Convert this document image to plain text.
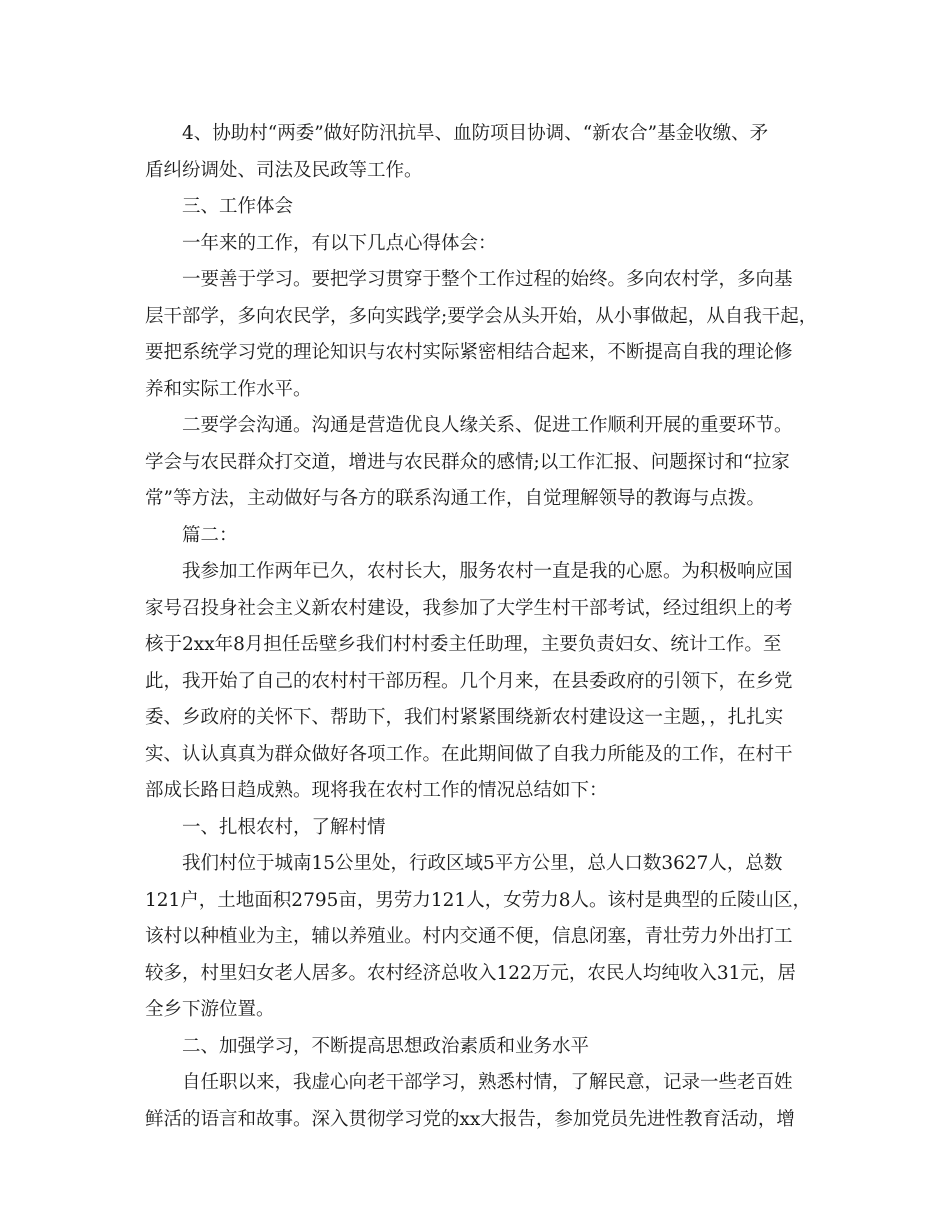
4、协助村“两委”做好防汛抗旱、血防项目协调、“新农合”基金收缴、矛
盾纠纷调处、司法及民政等工作。

三、工作体会

一年来的工作，有以下几点心得体会：

一要善于学习。要把学习贯穿于整个工作过程的始终。多向农村学，多向基
层干部学，多向农民学，多向实践学;要学会从头开始，从小事做起，从自我干起，
要把系统学习党的理论知识与农村实际紧密相结合起来，不断提高自我的理论修
养和实际工作水平。

二要学会沟通。沟通是营造优良人缘关系、促进工作顺利开展的重要环节。
学会与农民群众打交道，增进与农民群众的感情;以工作汇报、问题探讨和“拉家
常”等方法，主动做好与各方的联系沟通工作，自觉理解领导的教诲与点拨。

篇二：

我参加工作两年已久，农村长大，服务农村一直是我的心愿。为积极响应国
家号召投身社会主义新农村建设，我参加了大学生村干部考试，经过组织上的考
核于2xx年8月担任岳壁乡我们村村委主任助理，主要负责妇女、统计工作。至
此，我开始了自己的农村村干部历程。几个月来，在县委政府的引领下，在乡党
委、乡政府的关怀下、帮助下，我们村紧紧围绕新农村建设这一主题，，扎扎实
实、认认真真为群众做好各项工作。在此期间做了自我力所能及的工作，在村干
部成长路日趋成熟。现将我在农村工作的情况总结如下：

一、扎根农村，了解村情

我们村位于城南15公里处，行政区域5平方公里，总人口数3627人，总数
121户，土地面积2795亩，男劳力121人，女劳力8人。该村是典型的丘陵山区，
该村以种植业为主，辅以养殖业。村内交通不便，信息闭塞，青壮劳力外出打工
较多，村里妇女老人居多。农村经济总收入122万元，农民人均纯收入31元，居
全乡下游位置。

二、加强学习，不断提高思想政治素质和业务水平

自任职以来，我虚心向老干部学习，熟悉村情，了解民意，记录一些老百姓
鲜活的语言和故事。深入贯彻学习党的xx大报告，参加党员先进性教育活动，增
